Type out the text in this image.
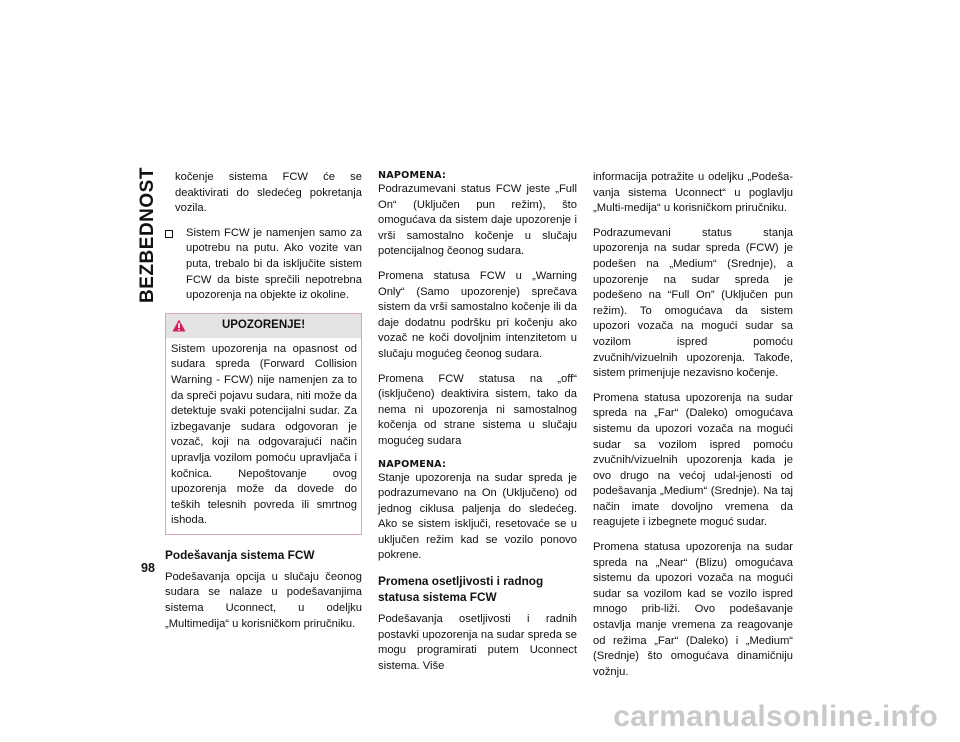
BEZBEDNOST
98

kočenje sistema FCW će se deaktivirati do sledećeg pokretanja vozila.

Sistem FCW je namenjen samo za upotrebu na putu. Ako vozite van puta, trebalo bi da isključite sistem FCW da biste sprečili nepotrebna upozorenja na objekte iz okoline.

UPOZORENJE!
Sistem upozorenja na opasnost od sudara spreda (Forward Collision Warning - FCW) nije namenjen za to da spreči pojavu sudara, niti može da detektuje svaki potencijalni sudar. Za izbegavanje sudara odgovoran je vozač, koji na odgovarajući način upravlja vozilom pomoću upravljača i kočnica. Nepoštovanje ovog upozorenja može da dovede do teških telesnih povreda ili smrtnog ishoda.
Podešavanja sistema FCW

Podešavanja opcija u slučaju čeonog sudara se nalaze u podešavanjima sistema Uconnect, u odeljku „Multimedija“ u korisničkom priručniku.

NAPOMENA:

Podrazumevani status FCW jeste „Full On“ (Uključen pun režim), što omogućava da sistem daje upozorenje i vrši samostalno kočenje u slučaju potencijalnog čeonog sudara.

Promena statusa FCW u „Warning Only“ (Samo upozorenje) sprečava sistem da vrši samostalno kočenje ili da daje dodatnu podršku pri kočenju ako vozač ne koči dovoljnim intenzitetom u slučaju mogućeg čeonog sudara.

Promena FCW statusa na „off“ (isključeno) deaktivira sistem, tako da nema ni upozorenja ni samostalnog kočenja od strane sistema u slučaju mogućeg sudara

NAPOMENA:

Stanje upozorenja na sudar spreda je podrazumevano na On (Uključeno) od jednog ciklusa paljenja do sledećeg. Ako se sistem isključi, resetovaće se u uključen režim kad se vozilo ponovo pokrene.

Promena osetljivosti i radnog statusa sistema FCW

Podešavanja osetljivosti i radnih postavki upozorenja na sudar spreda se mogu programirati putem Uconnect sistema. Više

informacija potražite u odeljku „Podeša-vanja sistema Uconnect“ u poglavlju „Multi-medija“ u korisničkom priručniku.

Podrazumevani status stanja upozorenja na sudar spreda (FCW) je podešen na „Medium“ (Srednje), a upozorenje na sudar spreda je podešeno na “Full On” (Uključen pun režim). To omogućava da sistem upozori vozača na mogući sudar sa vozilom ispred pomoću zvučnih/vizuelnih upozorenja. Takođe, sistem primenjuje nezavisno kočenje.

Promena statusa upozorenja na sudar spreda na „Far“ (Daleko) omogućava sistemu da upozori vozača na mogući sudar sa vozilom ispred pomoću zvučnih/vizuelnih upozorenja kada je ovo drugo na većoj udal-jenosti od podešavanja „Medium“ (Srednje). Na taj način imate dovoljno vremena da reagujete i izbegnete moguć sudar.

Promena statusa upozorenja na sudar spreda na „Near“ (Blizu) omogućava sistemu da upozori vozača na mogući sudar sa vozilom kad se vozilo ispred mnogo prib-liži. Ovo podešavanje ostavlja manje vremena za reagovanje od režima „Far“ (Daleko) i „Medium“ (Srednje) što omogućava dinamičniju vožnju.

carmanualsonline.info
